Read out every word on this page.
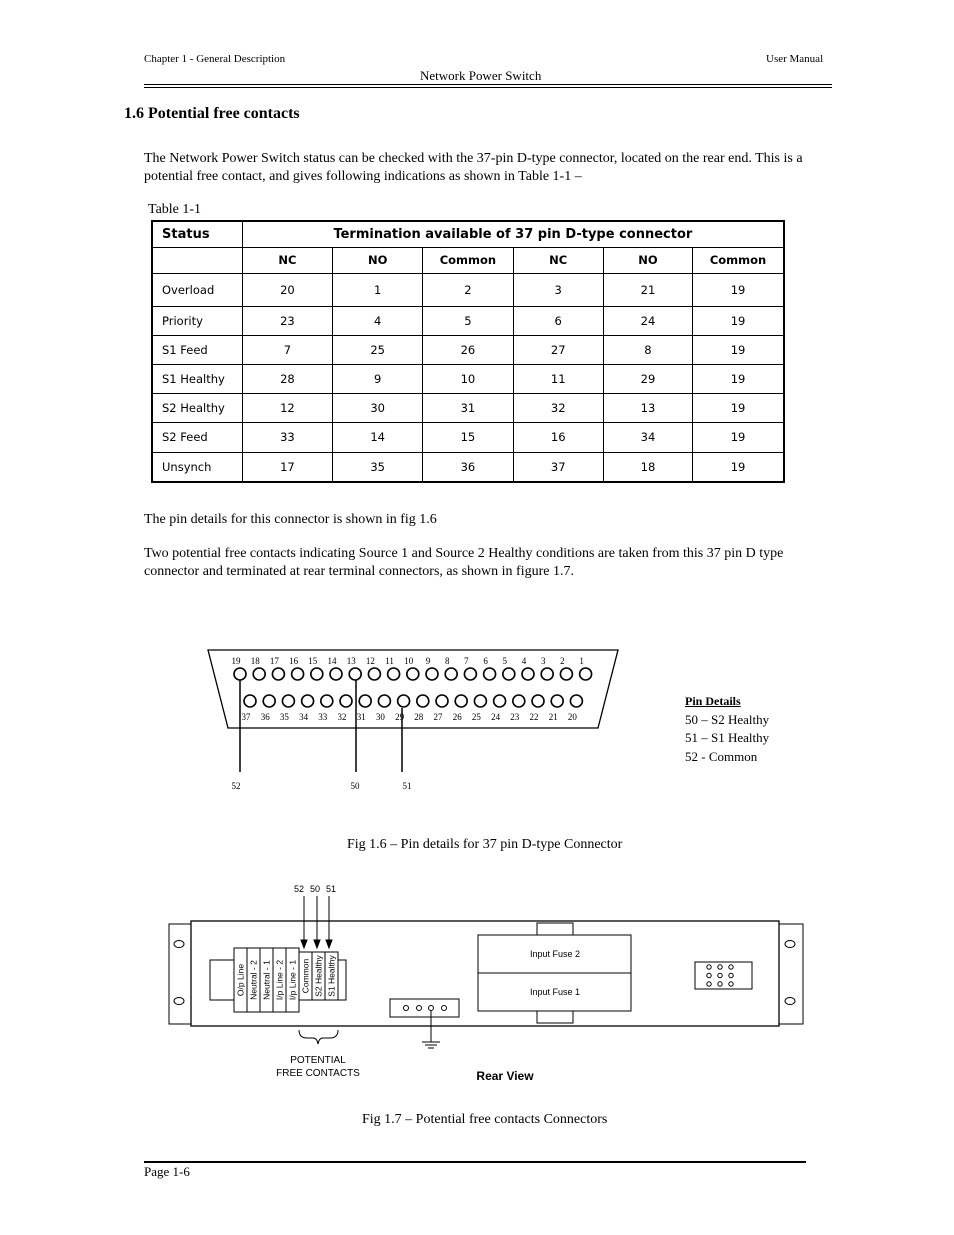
Chapter 1 - General Description	User Manual
Network Power Switch
1.6 Potential free contacts
The Network Power Switch status can be checked with the 37-pin D-type connector, located on the rear end. This is a potential free contact, and gives following indications as shown in Table 1-1 –
Table 1-1
Status	Termination available of 37 pin D-type connector					
	NC	NO	Common	NC	NO	Common
Overload	20	1	2	3	21	19
Priority	23	4	5	6	24	19
S1 Feed	7	25	26	27	8	19
S1 Healthy	28	9	10	11	29	19
S2 Healthy	12	30	31	32	13	19
S2 Feed	33	14	15	16	34	19
Unsynch	17	35	36	37	18	19
The pin details for this connector is shown in fig 1.6
Two potential free contacts indicating Source 1 and Source 2 Healthy conditions are taken from this 37 pin D type connector and terminated at rear terminal connectors, as shown in figure 1.7.
19 18 17 16 15 14 13 12 11 10 9 8 7 6 5 4 3 2 1
37 36 35 34 33 32 31 30 29 28 27 26 25 24 23 22 21 20
52	50	51
Pin Details
50 – S2 Healthy
51 – S1 Healthy
52 - Common
Fig 1.6 – Pin details for 37 pin D-type Connector
52 50 51
O/p Line Neutral - 2 Neutral - 1 I/p Line - 2 I/p Line - 1 Common S2 Healthy S1 Healthy
POTENTIAL
FREE CONTACTS
Input Fuse 2
Input Fuse 1
Rear View
Fig 1.7 – Potential free contacts Connectors
Page 1-6
